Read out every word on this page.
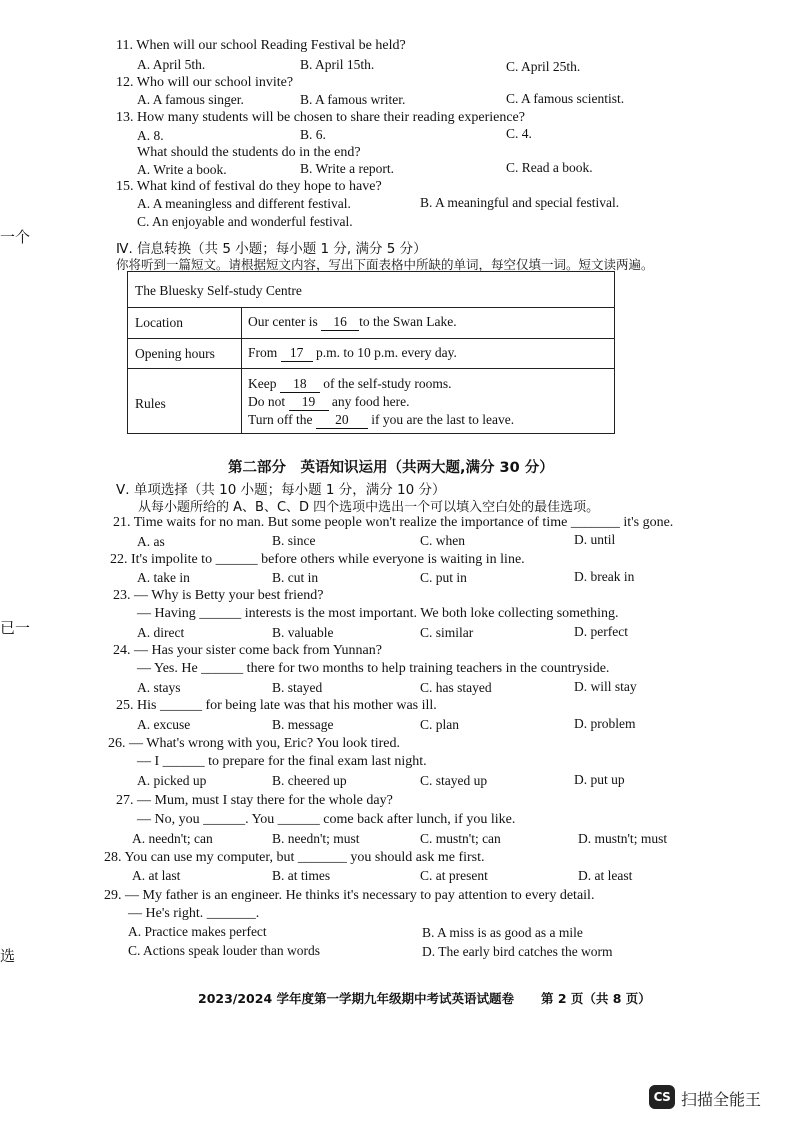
一个
已一
选
11. When will our school Reading Festival be held?
A. April 5th.	B. April 15th.	C. April 25th.
12. Who will our school invite?
A. A famous singer.	B. A famous writer.	C. A famous scientist.
13. How many students will be chosen to share their reading experience?
A. 8.	B. 6.	C. 4.
What should the students do in the end?
A. Write a book.	B. Write a report.	C. Read a book.
15. What kind of festival do they hope to have?
A. A meaningless and different festival.	B. A meaningful and special festival.
C. An enjoyable and wonderful festival.
Ⅳ. 信息转换（共 5 小题；每小题 1 分, 满分 5 分）
你将听到一篇短文。请根据短文内容，写出下面表格中所缺的单词，每空仅填一词。短文读两遍。
The Bluesky Self-study Centre
Location	Our center is 16 to the Swan Lake.
Opening hours From 17 p.m. to 10 p.m. every day.
Rules
Keep 18 of the self-study rooms.
Do not 19 any food here.
Turn off the 20 if you are the last to leave.
第二部分　英语知识运用（共两大题,满分 30 分）
Ⅴ. 单项选择（共 10 小题；每小题 1 分，满分 10 分）
从每小题所给的 A、B、C、D 四个选项中选出一个可以填入空白处的最佳选项。
21. Time waits for no man. But some people won't realize the importance of time _______ it's gone.
A. as	B. since	C. when	D. until
22. It's impolite to ______ before others while everyone is waiting in line.
A. take in	B. cut in	C. put in	D. break in
23. — Why is Betty your best friend?
— Having ______ interests is the most important. We both loke collecting something.
A. direct	B. valuable	C. similar	D. perfect
24. — Has your sister come back from Yunnan?
— Yes. He ______ there for two months to help training teachers in the countryside.
A. stays	B. stayed	C. has stayed	D. will stay
25. His ______ for being late was that his mother was ill.
A. excuse	B. message	C. plan	D. problem
26. — What's wrong with you, Eric? You look tired.
— I ______ to prepare for the final exam last night.
A. picked up	B. cheered up	C. stayed up	D. put up
27. — Mum, must I stay there for the whole day?
— No, you ______. You ______ come back after lunch, if you like.
A. needn't; can	B. needn't; must	C. mustn't; can	D. mustn't; must
28. You can use my computer, but _______ you should ask me first.
A. at last	B. at times	C. at present	D. at least
29. — My father is an engineer. He thinks it's necessary to pay attention to every detail.
— He's right. _______.
A. Practice makes perfect	B. A miss is as good as a mile
C. Actions speak louder than words	D. The early bird catches the worm
2023/2024 学年度第一学期九年级期中考试英语试题卷 第 2 页（共 8 页）
CS 扫描全能王
